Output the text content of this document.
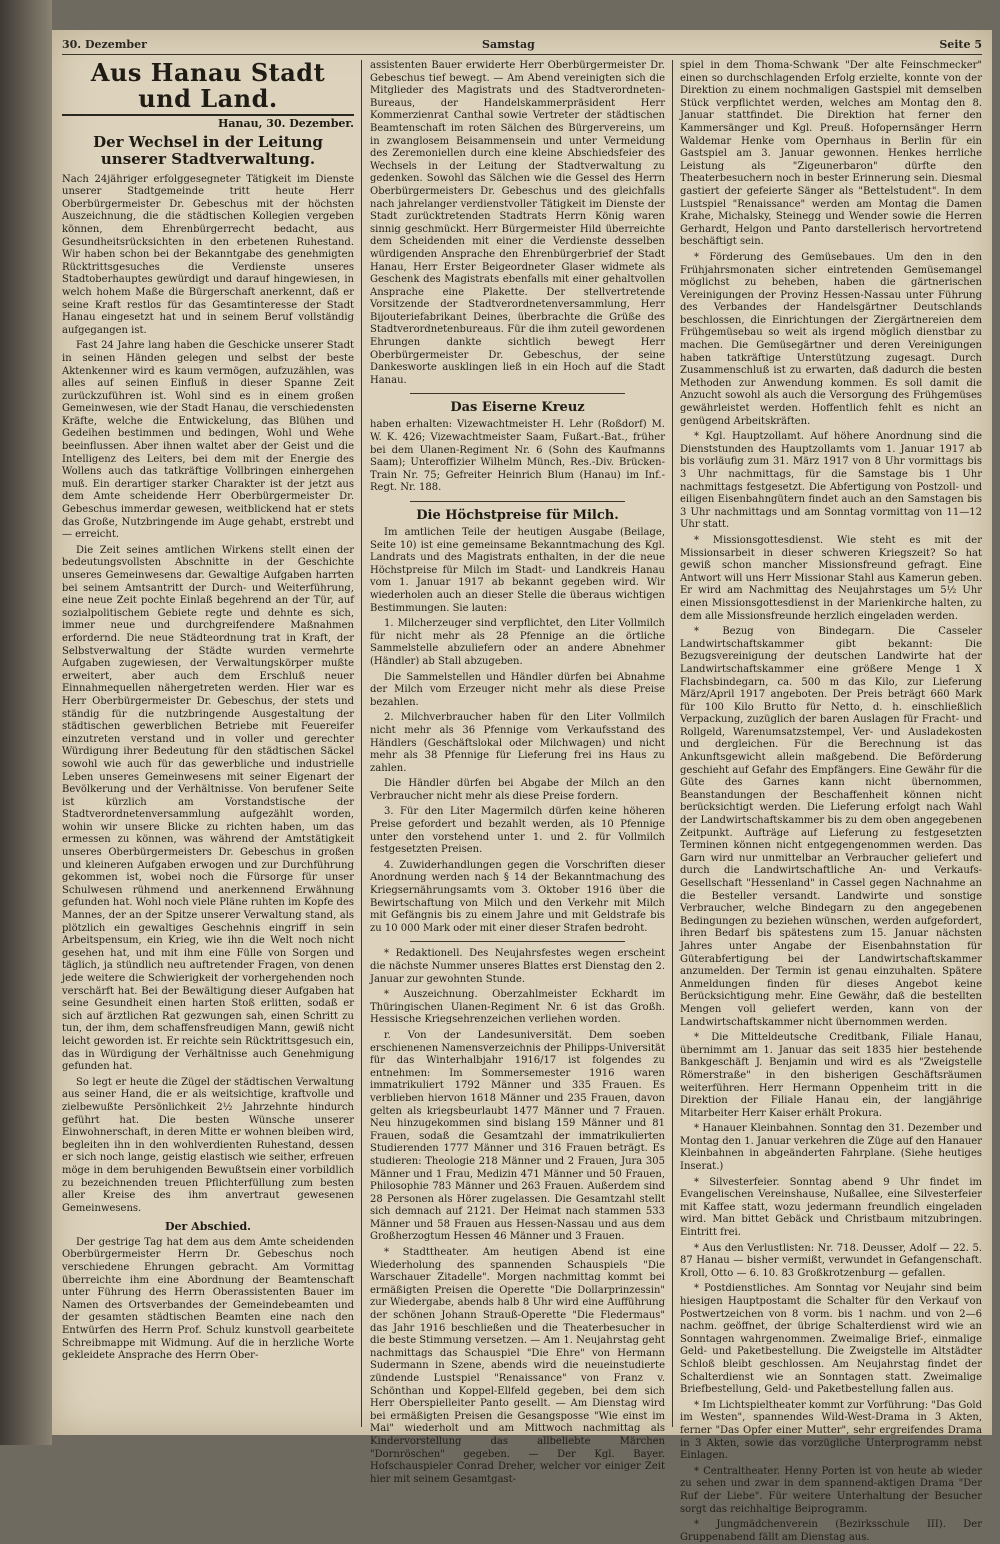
30. Dezember	Samstag	Seite 5
Aus Hanau Stadt und Land.
Hanau, 30. Dezember.
Der Wechsel in der Leitung unserer Stadtverwaltung.

Nach 24jähriger erfolggesegneter Tätigkeit im Dienste unserer Stadtgemeinde tritt heute Herr Oberbürgermeister Dr. Gebeschus mit der höchsten Auszeichnung, die die städtischen Kollegien vergeben können, dem Ehrenbürgerrecht bedacht, aus Gesundheitsrücksichten in den erbetenen Ruhestand. Wir haben schon bei der Bekanntgabe des genehmigten Rücktrittsgesuches die Verdienste unseres Stadtoberhauptes gewürdigt und darauf hingewiesen, in welch hohem Maße die Bürgerschaft anerkennt, daß er seine Kraft restlos für das Gesamtinteresse der Stadt Hanau eingesetzt hat und in seinem Beruf vollständig aufgegangen ist.

Fast 24 Jahre lang haben die Geschicke unserer Stadt in seinen Händen gelegen und selbst der beste Aktenkenner wird es kaum vermögen, aufzuzählen, was alles auf seinen Einfluß in dieser Spanne Zeit zurückzuführen ist. Wohl sind es in einem großen Gemeinwesen, wie der Stadt Hanau, die verschiedensten Kräfte, welche die Entwickelung, das Blühen und Gedeihen bestimmen und bedingen, Wohl und Wehe beeinflussen. Aber ihnen waltet aber der Geist und die Intelligenz des Leiters, bei dem mit der Energie des Wollens auch das tatkräftige Vollbringen einhergehen muß. Ein derartiger starker Charakter ist der jetzt aus dem Amte scheidende Herr Oberbürgermeister Dr. Gebeschus immerdar gewesen, weitblickend hat er stets das Große, Nutzbringende im Auge gehabt, erstrebt und — erreicht.

Die Zeit seines amtlichen Wirkens stellt einen der bedeutungsvollsten Abschnitte in der Geschichte unseres Gemeinwesens dar. Gewaltige Aufgaben harrten bei seinem Amtsantritt der Durch- und Weiterführung, eine neue Zeit pochte Einlaß begehrend an der Tür, auf sozialpolitischem Gebiete regte und dehnte es sich, immer neue und durchgreifendere Maßnahmen erfordernd. Die neue Städteordnung trat in Kraft, der Selbstverwaltung der Städte wurden vermehrte Aufgaben zugewiesen, der Verwaltungskörper mußte erweitert, aber auch dem Erschluß neuer Einnahmequellen nähergetreten werden. Hier war es Herr Oberbürgermeister Dr. Gebeschus, der stets und ständig für die nutzbringende Ausgestaltung der städtischen gewerblichen Betriebe mit Feuereifer einzutreten verstand und in voller und gerechter Würdigung ihrer Bedeutung für den städtischen Säckel sowohl wie auch für das gewerbliche und industrielle Leben unseres Gemeinwesens mit seiner Eigenart der Bevölkerung und der Verhältnisse. Von berufener Seite ist kürzlich am Vorstandstische der Stadtverordnetenversammlung aufgezählt worden, wohin wir unsere Blicke zu richten haben, um das ermessen zu können, was während der Amtstätigkeit unseres Oberbürgermeisters Dr. Gebeschus in großen und kleineren Aufgaben erwogen und zur Durchführung gekommen ist, wobei noch die Fürsorge für unser Schulwesen rühmend und anerkennend Erwähnung gefunden hat. Wohl noch viele Pläne ruhten im Kopfe des Mannes, der an der Spitze unserer Verwaltung stand, als plötzlich ein gewaltiges Geschehnis eingriff in sein Arbeitspensum, ein Krieg, wie ihn die Welt noch nicht gesehen hat, und mit ihm eine Fülle von Sorgen und täglich, ja stündlich neu auftretender Fragen, von denen jede weitere die Schwierigkeit der vorhergehenden noch verschärft hat. Bei der Bewältigung dieser Aufgaben hat seine Gesundheit einen harten Stoß erlitten, sodaß er sich auf ärztlichen Rat gezwungen sah, einen Schritt zu tun, der ihm, dem schaffensfreudigen Mann, gewiß nicht leicht geworden ist. Er reichte sein Rücktrittsgesuch ein, das in Würdigung der Verhältnisse auch Genehmigung gefunden hat.

So legt er heute die Zügel der städtischen Verwaltung aus seiner Hand, die er als weitsichtige, kraftvolle und zielbewußte Persönlichkeit 2½ Jahrzehnte hindurch geführt hat. Die besten Wünsche unserer Einwohnerschaft, in deren Mitte er wohnen bleiben wird, begleiten ihn in den wohlverdienten Ruhestand, dessen er sich noch lange, geistig elastisch wie seither, erfreuen möge in dem beruhigenden Bewußtsein einer vorbildlich zu bezeichnenden treuen Pflichterfüllung zum besten aller Kreise des ihm anvertraut gewesenen Gemeinwesens.

Der Abschied.

Der gestrige Tag hat dem aus dem Amte scheidenden Oberbürgermeister Herrn Dr. Gebeschus noch verschiedene Ehrungen gebracht. Am Vormittag überreichte ihm eine Abordnung der Beamtenschaft unter Führung des Herrn Oberassistenten Bauer im Namen des Ortsverbandes der Gemeindebeamten und der gesamten städtischen Beamten eine nach den Entwürfen des Herrn Prof. Schulz kunstvoll gearbeitete Schreibmappe mit Widmung. Auf die in herzliche Worte gekleidete Ansprache des Herrn Ober-

assistenten Bauer erwiderte Herr Oberbürgermeister Dr. Gebeschus tief bewegt. — Am Abend vereinigten sich die Mitglieder des Magistrats und des Stadtverordneten-Bureaus, der Handelskammerpräsident Herr Kommerzienrat Canthal sowie Vertreter der städtischen Beamtenschaft im roten Sälchen des Bürgervereins, um in zwanglosem Beisammensein und unter Vermeidung des Zeremoniellen durch eine kleine Abschiedsfeier des Wechsels in der Leitung der Stadtverwaltung zu gedenken. Sowohl das Sälchen wie die Gessel des Herrn Oberbürgermeisters Dr. Gebeschus und des gleichfalls nach jahrelanger verdienstvoller Tätigkeit im Dienste der Stadt zurücktretenden Stadtrats Herrn König waren sinnig geschmückt. Herr Bürgermeister Hild überreichte dem Scheidenden mit einer die Verdienste desselben würdigenden Ansprache den Ehrenbürgerbrief der Stadt Hanau, Herr Erster Beigeordneter Glaser widmete als Geschenk des Magistrats ebenfalls mit einer gehaltvollen Ansprache eine Plakette. Der stellvertretende Vorsitzende der Stadtverordnetenversammlung, Herr Bijouteriefabrikant Deines, überbrachte die Grüße des Stadtverordnetenbureaus. Für die ihm zuteil gewordenen Ehrungen dankte sichtlich bewegt Herr Oberbürgermeister Dr. Gebeschus, der seine Dankesworte ausklingen ließ in ein Hoch auf die Stadt Hanau.

Das Eiserne Kreuz

haben erhalten: Vizewachtmeister H. Lehr (Roßdorf) M. W. K. 426; Vizewachtmeister Saam, Fußart.-Bat., früher bei dem Ulanen-Regiment Nr. 6 (Sohn des Kaufmanns Saam); Unteroffizier Wilhelm Münch, Res.-Div. Brücken-Train Nr. 75; Gefreiter Heinrich Blum (Hanau) im Inf.-Regt. Nr. 188.

Die Höchstpreise für Milch.

Im amtlichen Teile der heutigen Ausgabe (Beilage, Seite 10) ist eine gemeinsame Bekanntmachung des Kgl. Landrats und des Magistrats enthalten, in der die neue Höchstpreise für Milch im Stadt- und Landkreis Hanau vom 1. Januar 1917 ab bekannt gegeben wird. Wir wiederholen auch an dieser Stelle die überaus wichtigen Bestimmungen. Sie lauten:

1. Milcherzeuger sind verpflichtet, den Liter Vollmilch für nicht mehr als 28 Pfennige an die örtliche Sammelstelle abzuliefern oder an andere Abnehmer (Händler) ab Stall abzugeben.

Die Sammelstellen und Händler dürfen bei Abnahme der Milch vom Erzeuger nicht mehr als diese Preise bezahlen.

2. Milchverbraucher haben für den Liter Vollmilch nicht mehr als 36 Pfennige vom Verkaufsstand des Händlers (Geschäftslokal oder Milchwagen) und nicht mehr als 38 Pfennige für Lieferung frei ins Haus zu zahlen.

Die Händler dürfen bei Abgabe der Milch an den Verbraucher nicht mehr als diese Preise fordern.

3. Für den Liter Magermilch dürfen keine höheren Preise gefordert und bezahlt werden, als 10 Pfennige unter den vorstehend unter 1. und 2. für Vollmilch festgesetzten Preisen.

4. Zuwiderhandlungen gegen die Vorschriften dieser Anordnung werden nach § 14 der Bekanntmachung des Kriegsernährungsamts vom 3. Oktober 1916 über die Bewirtschaftung von Milch und den Verkehr mit Milch mit Gefängnis bis zu einem Jahre und mit Geldstrafe bis zu 10 000 Mark oder mit einer dieser Strafen bedroht.

* Redaktionell. Des Neujahrsfestes wegen erscheint die nächste Nummer unseres Blattes erst Dienstag den 2. Januar zur gewohnten Stunde.

* Auszeichnung. Oberzahlmeister Eckhardt im Thüringischen Ulanen-Regiment Nr. 6 ist das Großh. Hessische Kriegsehrenzeichen verliehen worden.

r. Von der Landesuniversität. Dem soeben erschienenen Namensverzeichnis der Philipps-Universität für das Winterhalbjahr 1916/17 ist folgendes zu entnehmen: Im Sommersemester 1916 waren immatrikuliert 1792 Männer und 335 Frauen. Es verblieben hiervon 1618 Männer und 235 Frauen, davon gelten als kriegsbeurlaubt 1477 Männer und 7 Frauen. Neu hinzugekommen sind bislang 159 Männer und 81 Frauen, sodaß die Gesamtzahl der immatrikulierten Studierenden 1777 Männer und 316 Frauen beträgt. Es studieren: Theologie 218 Männer und 2 Frauen, Jura 305 Männer und 1 Frau, Medizin 471 Männer und 50 Frauen, Philosophie 783 Männer und 263 Frauen. Außerdem sind 28 Personen als Hörer zugelassen. Die Gesamtzahl stellt sich demnach auf 2121. Der Heimat nach stammen 533 Männer und 58 Frauen aus Hessen-Nassau und aus dem Großherzogtum Hessen 46 Männer und 3 Frauen.

* Stadttheater. Am heutigen Abend ist eine Wiederholung des spannenden Schauspiels "Die Warschauer Zitadelle". Morgen nachmittag kommt bei ermäßigten Preisen die Operette "Die Dollarprinzessin" zur Wiedergabe, abends halb 8 Uhr wird eine Aufführung der schönen Johann Strauß-Operette "Die Fledermaus" das Jahr 1916 beschließen und die Theaterbesucher in die beste Stimmung versetzen. — Am 1. Neujahrstag geht nachmittags das Schauspiel "Die Ehre" von Hermann Sudermann in Szene, abends wird die neueinstudierte zündende Lustspiel "Renaissance" von Franz v. Schönthan und Koppel-Ellfeld gegeben, bei dem sich Herr Oberspielleiter Panto gesellt. — Am Dienstag wird bei ermäßigten Preisen die Gesangsposse "Wie einst im Mai" wiederholt und am Mittwoch nachmittag als Kindervorstellung das allbeliebte Märchen "Dornröschen" gegeben. — Der Kgl. Bayer. Hofschauspieler Conrad Dreher, welcher vor einiger Zeit hier mit seinem Gesamtgast-

spiel in dem Thoma-Schwank "Der alte Feinschmecker" einen so durchschlagenden Erfolg erzielte, konnte von der Direktion zu einem nochmaligen Gastspiel mit demselben Stück verpflichtet werden, welches am Montag den 8. Januar stattfindet. Die Direktion hat ferner den Kammersänger und Kgl. Preuß. Hofopernsänger Herrn Waldemar Henke vom Opernhaus in Berlin für ein Gastspiel am 3. Januar gewonnen. Henkes herrliche Leistung als "Zigeunerbaron" dürfte den Theaterbesuchern noch in bester Erinnerung sein. Diesmal gastiert der gefeierte Sänger als "Bettelstudent". In dem Lustspiel "Renaissance" werden am Montag die Damen Krahe, Michalsky, Steinegg und Wender sowie die Herren Gerhardt, Helgon und Panto darstellerisch hervortretend beschäftigt sein.

* Förderung des Gemüsebaues. Um den in den Frühjahrsmonaten sicher eintretenden Gemüsemangel möglichst zu beheben, haben die gärtnerischen Vereinigungen der Provinz Hessen-Nassau unter Führung des Verbandes der Handelsgärtner Deutschlands beschlossen, die Einrichtungen der Ziergärtnereien dem Frühgemüsebau so weit als irgend möglich dienstbar zu machen. Die Gemüsegärtner und deren Vereinigungen haben tatkräftige Unterstützung zugesagt. Durch Zusammenschluß ist zu erwarten, daß dadurch die besten Methoden zur Anwendung kommen. Es soll damit die Anzucht sowohl als auch die Versorgung des Frühgemüses gewährleistet werden. Hoffentlich fehlt es nicht an genügend Arbeitskräften.

* Kgl. Hauptzollamt. Auf höhere Anordnung sind die Dienststunden des Hauptzollamts vom 1. Januar 1917 ab bis vorläufig zum 31. März 1917 von 8 Uhr vormittags bis 3 Uhr nachmittags, für die Samstage bis 1 Uhr nachmittags festgesetzt. Die Abfertigung von Postzoll- und eiligen Eisenbahngütern findet auch an den Samstagen bis 3 Uhr nachmittags und am Sonntag vormittag von 11—12 Uhr statt.

* Missionsgottesdienst. Wie steht es mit der Missionsarbeit in dieser schweren Kriegszeit? So hat gewiß schon mancher Missionsfreund gefragt. Eine Antwort will uns Herr Missionar Stahl aus Kamerun geben. Er wird am Nachmittag des Neujahrstages um 5½ Uhr einen Missionsgottesdienst in der Marienkirche halten, zu dem alle Missionsfreunde herzlich eingeladen werden.

* Bezug von Bindegarn. Die Casseler Landwirtschaftskammer gibt bekannt: Die Bezugsvereinigung der deutschen Landwirte hat der Landwirtschaftskammer eine größere Menge 1 X Flachsbindegarn, ca. 500 m das Kilo, zur Lieferung März/April 1917 angeboten. Der Preis beträgt 660 Mark für 100 Kilo Brutto für Netto, d. h. einschließlich Verpackung, zuzüglich der baren Auslagen für Fracht- und Rollgeld, Warenumsatzstempel, Ver- und Ausladekosten und dergleichen. Für die Berechnung ist das Ankunftsgewicht allein maßgebend. Die Beförderung geschieht auf Gefahr des Empfängers. Eine Gewähr für die Güte des Garnes kann nicht übernommen, Beanstandungen der Beschaffenheit können nicht berücksichtigt werden. Die Lieferung erfolgt nach Wahl der Landwirtschaftskammer bis zu dem oben angegebenen Zeitpunkt. Aufträge auf Lieferung zu festgesetzten Terminen können nicht entgegengenommen werden. Das Garn wird nur unmittelbar an Verbraucher geliefert und durch die Landwirtschaftliche An- und Verkaufs-Gesellschaft "Hessenland" in Cassel gegen Nachnahme an die Besteller versandt. Landwirte und sonstige Verbraucher, welche Bindegarn zu den angegebenen Bedingungen zu beziehen wünschen, werden aufgefordert, ihren Bedarf bis spätestens zum 15. Januar nächsten Jahres unter Angabe der Eisenbahnstation für Güterabfertigung bei der Landwirtschaftskammer anzumelden. Der Termin ist genau einzuhalten. Spätere Anmeldungen finden für dieses Angebot keine Berücksichtigung mehr. Eine Gewähr, daß die bestellten Mengen voll geliefert werden, kann von der Landwirtschaftskammer nicht übernommen werden.

* Die Mitteldeutsche Creditbank, Filiale Hanau, übernimmt am 1. Januar das seit 1835 hier bestehende Bankgeschäft J. Benjamin und wird es als "Zweigstelle Römerstraße" in den bisherigen Geschäftsräumen weiterführen. Herr Hermann Oppenheim tritt in die Direktion der Filiale Hanau ein, der langjährige Mitarbeiter Herr Kaiser erhält Prokura.

* Hanauer Kleinbahnen. Sonntag den 31. Dezember und Montag den 1. Januar verkehren die Züge auf den Hanauer Kleinbahnen in abgeänderten Fahrplane. (Siehe heutiges Inserat.)

* Silvesterfeier. Sonntag abend 9 Uhr findet im Evangelischen Vereinshause, Nußallee, eine Silvesterfeier mit Kaffee statt, wozu jedermann freundlich eingeladen wird. Man bittet Gebäck und Christbaum mitzubringen. Eintritt frei.

* Aus den Verlustlisten: Nr. 718. Deusser, Adolf — 22. 5. 87 Hanau — bisher vermißt, verwundet in Gefangenschaft. Kroll, Otto — 6. 10. 83 Großkrotzenburg — gefallen.

* Postdienstliches. Am Sonntag vor Neujahr sind beim hiesigen Hauptpostamt die Schalter für den Verkauf von Postwertzeichen von 8 vorm. bis 1 nachm. und von 2—6 nachm. geöffnet, der übrige Schalterdienst wird wie an Sonntagen wahrgenommen. Zweimalige Brief-, einmalige Geld- und Paketbestellung. Die Zweigstelle im Altstädter Schloß bleibt geschlossen. Am Neujahrstag findet der Schalterdienst wie an Sonntagen statt. Zweimalige Briefbestellung, Geld- und Paketbestellung fallen aus.

* Im Lichtspieltheater kommt zur Vorführung: "Das Gold im Westen", spannendes Wild-West-Drama in 3 Akten, ferner "Das Opfer einer Mutter", sehr ergreifendes Drama in 3 Akten, sowie das vorzügliche Unterprogramm nebst Einlagen.

* Centraltheater. Henny Porten ist von heute ab wieder zu sehen und zwar in dem spannend-aktigen Drama "Der Ruf der Liebe". Für weitere Unterhaltung der Besucher sorgt das reichhaltige Beiprogramm.

* Jungmädchenverein (Bezirksschule III). Der Gruppenabend fällt am Dienstag aus.
